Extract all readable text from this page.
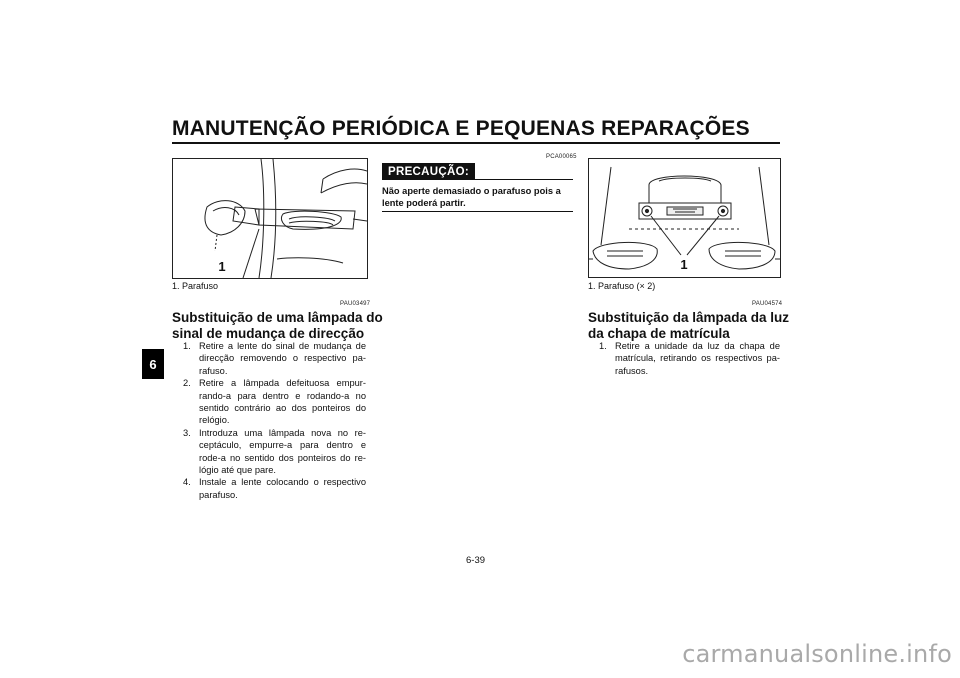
MANUTENÇÃO PERIÓDICA E PEQUENAS REPARAÇÕES
6
1
1. Parafuso
PAU03497
Substituição de uma lâmpada do
sinal de mudança de direcção
1. Retire a lente do sinal de mudança de
direcção removendo o respectivo pa-
rafuso.
2. Retire a lâmpada defeituosa empur-
rando-a para dentro e rodando-a no
sentido contrário ao dos ponteiros do
relógio.
3. Introduza uma lâmpada nova no re-
ceptáculo, empurre-a para dentro e
rode-a no sentido dos ponteiros do re-
lógio até que pare.
4. Instale a lente colocando o respectivo
parafuso.
PCA00065
PRECAUÇÃO:
Não aperte demasiado o parafuso pois a
lente poderá partir.
1
1. Parafuso (× 2)
PAU04574
Substituição da lâmpada da luz
da chapa de matrícula
1. Retire a unidade da luz da chapa de
matrícula, retirando os respectivos pa-
rafusos.
6-39
carmanualsonline.info
